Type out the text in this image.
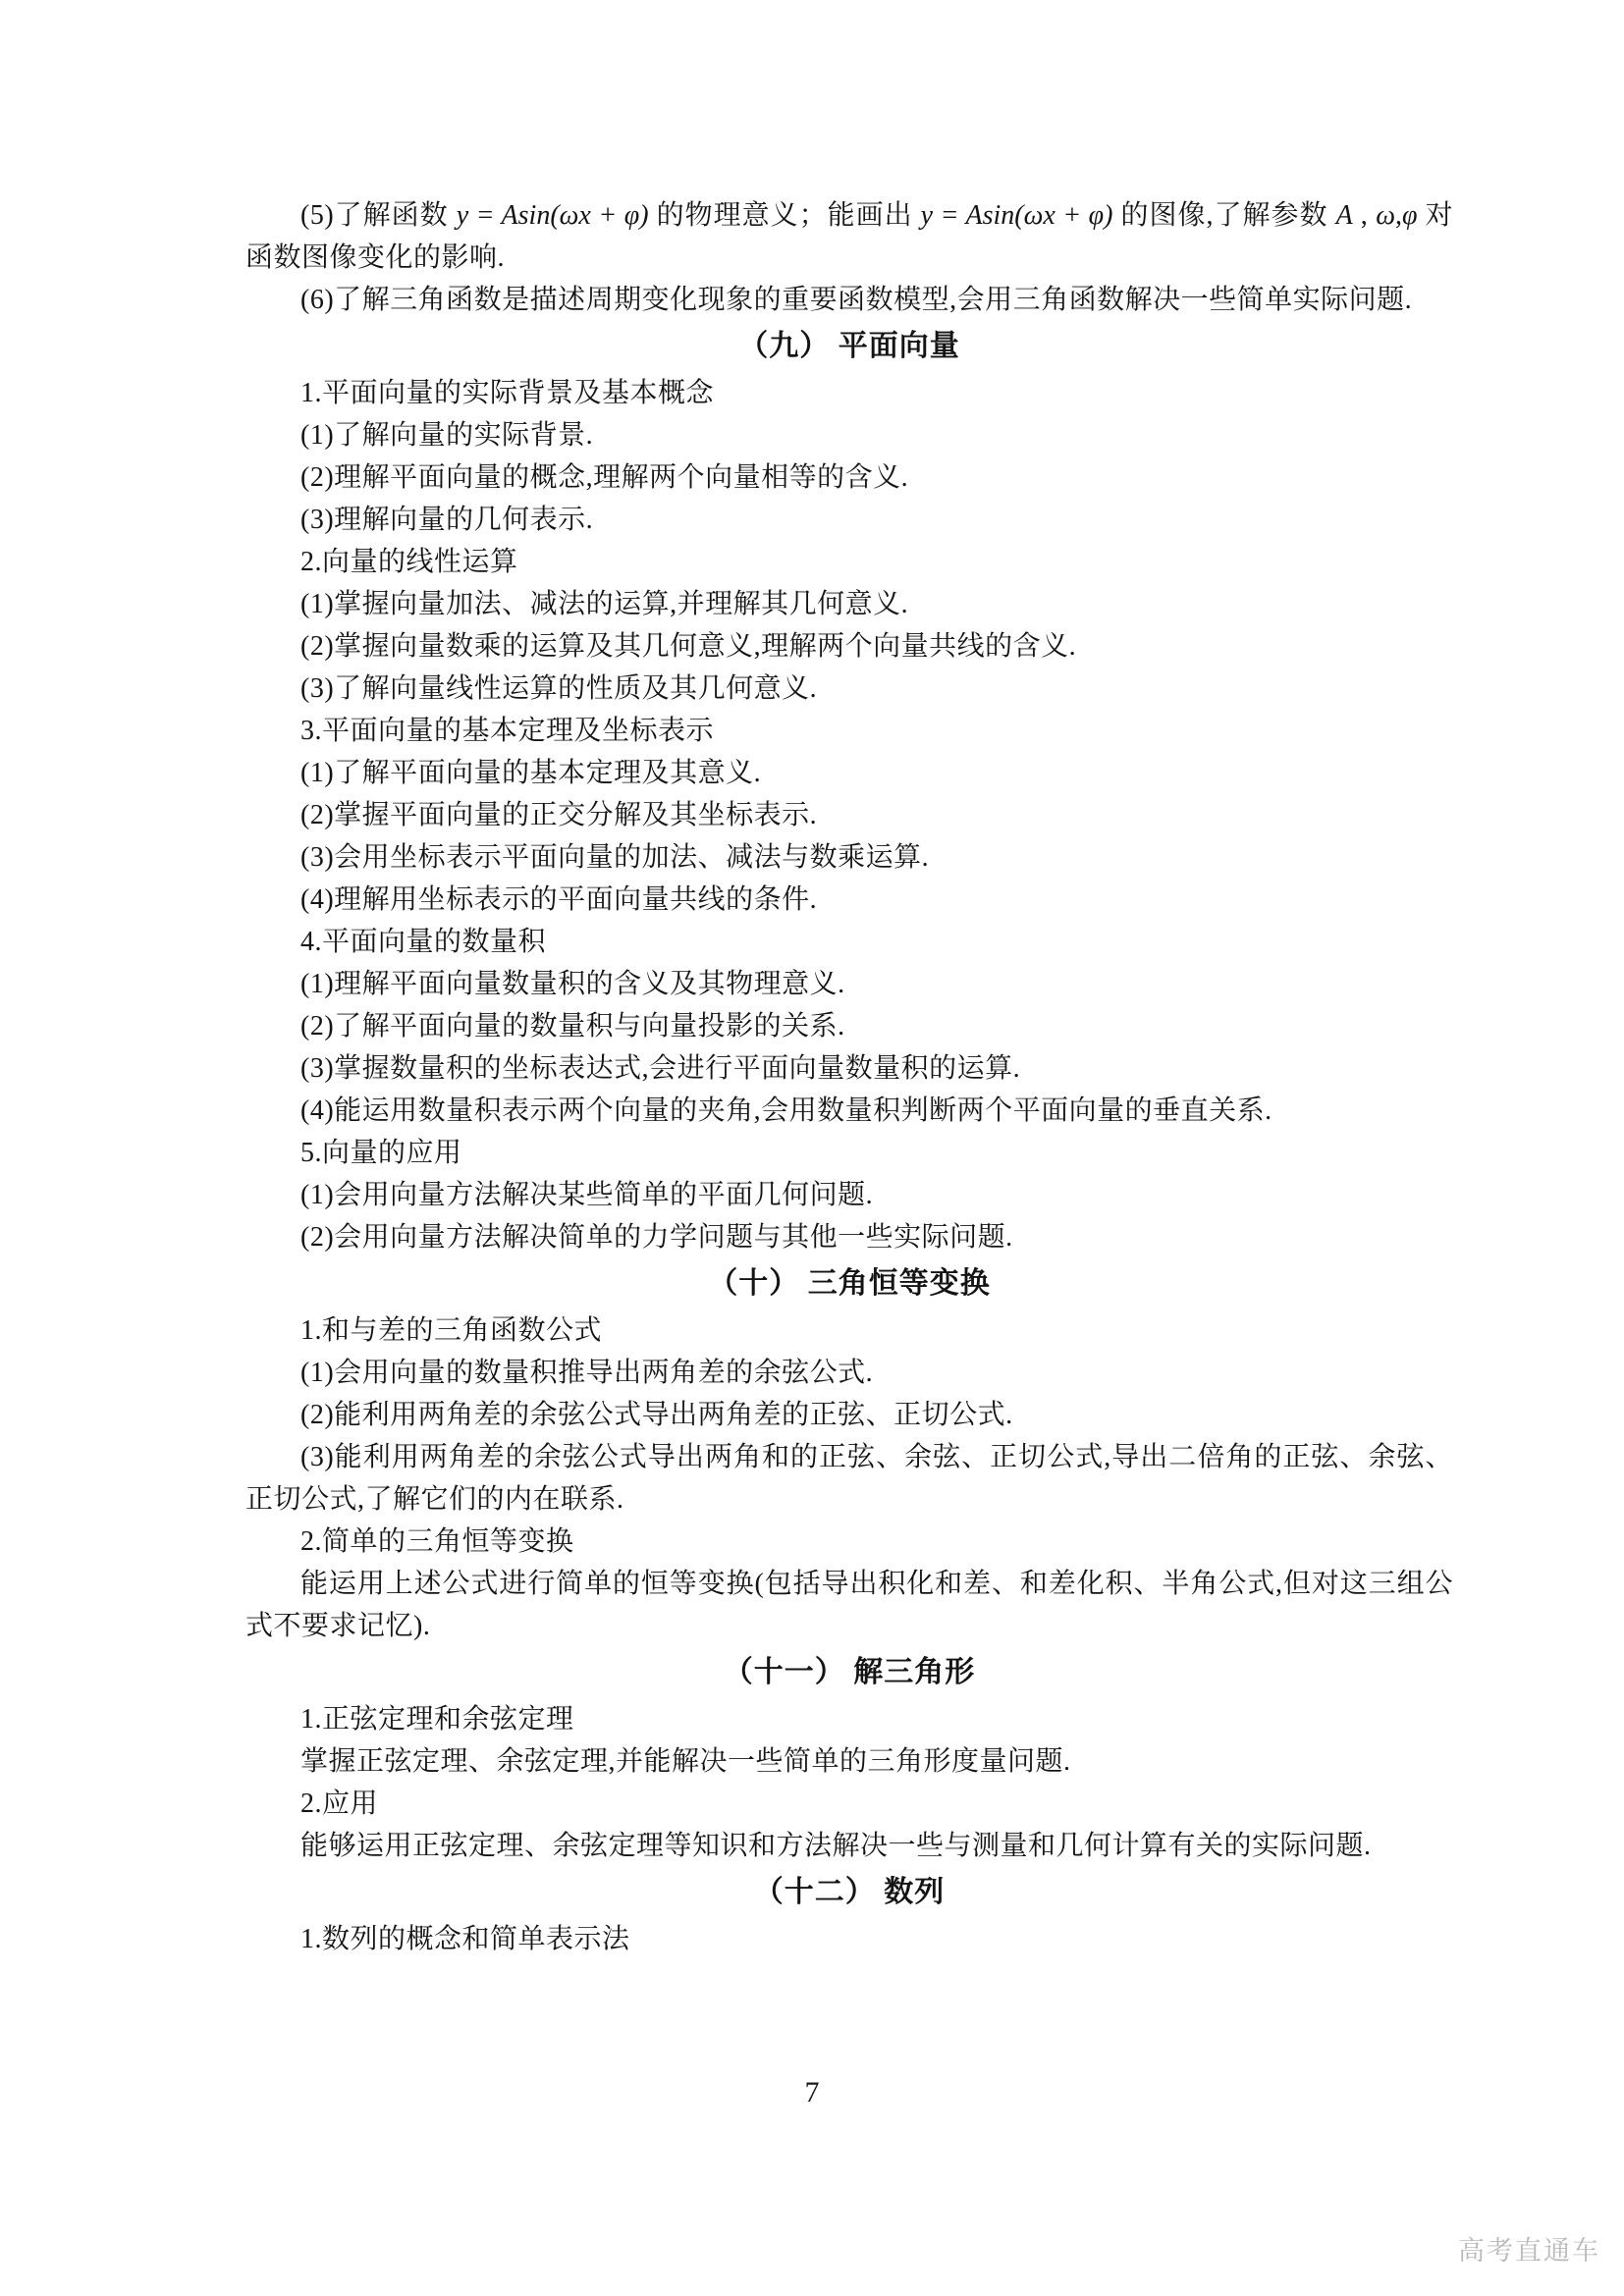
(5)了解函数 y = Asin(ωx + φ) 的物理意义；能画出 y = Asin(ωx + φ) 的图像,了解参数 A , ω,φ 对函数图像变化的影响.

(6)了解三角函数是描述周期变化现象的重要函数模型,会用三角函数解决一些简单实际问题.

（九） 平面向量

1.平面向量的实际背景及基本概念

(1)了解向量的实际背景.

(2)理解平面向量的概念,理解两个向量相等的含义.

(3)理解向量的几何表示.

2.向量的线性运算

(1)掌握向量加法、减法的运算,并理解其几何意义.

(2)掌握向量数乘的运算及其几何意义,理解两个向量共线的含义.

(3)了解向量线性运算的性质及其几何意义.

3.平面向量的基本定理及坐标表示

(1)了解平面向量的基本定理及其意义.

(2)掌握平面向量的正交分解及其坐标表示.

(3)会用坐标表示平面向量的加法、减法与数乘运算.

(4)理解用坐标表示的平面向量共线的条件.

4.平面向量的数量积

(1)理解平面向量数量积的含义及其物理意义.

(2)了解平面向量的数量积与向量投影的关系.

(3)掌握数量积的坐标表达式,会进行平面向量数量积的运算.

(4)能运用数量积表示两个向量的夹角,会用数量积判断两个平面向量的垂直关系.

5.向量的应用

(1)会用向量方法解决某些简单的平面几何问题.

(2)会用向量方法解决简单的力学问题与其他一些实际问题.

（十） 三角恒等变换

1.和与差的三角函数公式

(1)会用向量的数量积推导出两角差的余弦公式.

(2)能利用两角差的余弦公式导出两角差的正弦、正切公式.

(3)能利用两角差的余弦公式导出两角和的正弦、余弦、正切公式,导出二倍角的正弦、余弦、正切公式,了解它们的内在联系.

2.简单的三角恒等变换

能运用上述公式进行简单的恒等变换(包括导出积化和差、和差化积、半角公式,但对这三组公式不要求记忆).

（十一） 解三角形

1.正弦定理和余弦定理

掌握正弦定理、余弦定理,并能解决一些简单的三角形度量问题.

2.应用

能够运用正弦定理、余弦定理等知识和方法解决一些与测量和几何计算有关的实际问题.

（十二） 数列

1.数列的概念和简单表示法

7
高考直通车
